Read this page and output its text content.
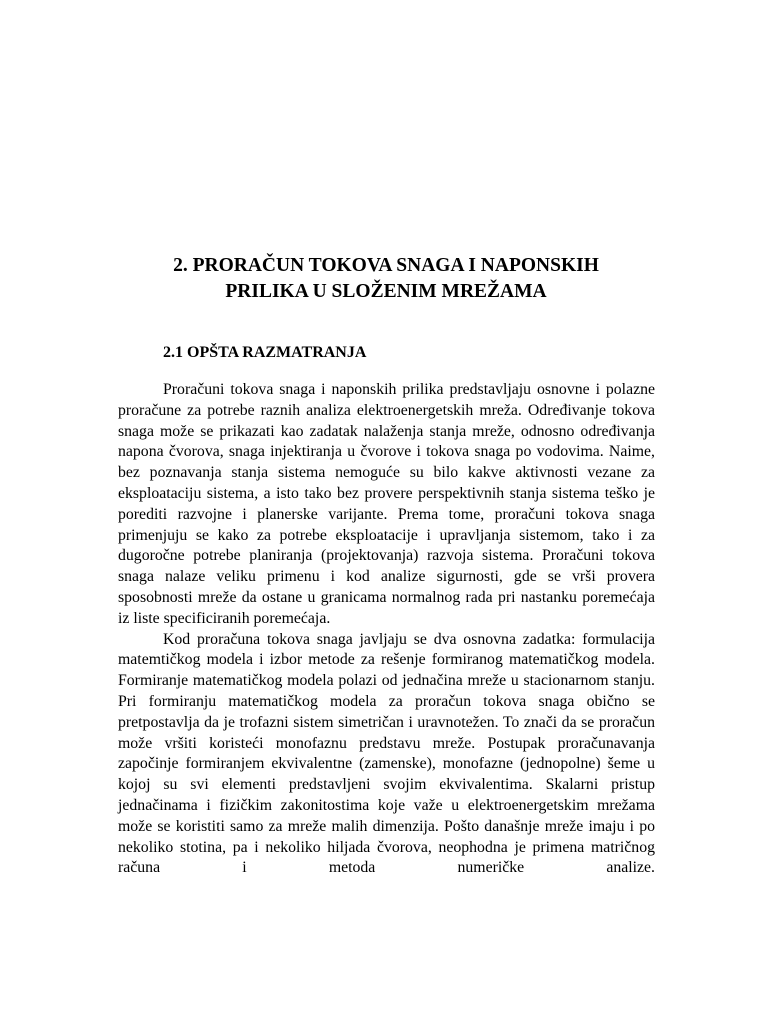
2. PRORAČUN TOKOVA SNAGA I NAPONSKIH
PRILIKA U SLOŽENIM MREŽAMA
2.1 OPŠTA RAZMATRANJA

Proračuni tokova snaga i naponskih prilika predstavljaju osnovne i polazne proračune za potrebe raznih analiza elektroenergetskih mreža. Određivanje tokova snaga može se prikazati kao zadatak nalaženja stanja mreže, odnosno određivanja napona čvorova, snaga injektiranja u čvorove i tokova snaga po vodovima. Naime, bez poznavanja stanja sistema nemoguće su bilo kakve aktivnosti vezane za eksploataciju sistema, a isto tako bez provere perspektivnih stanja sistema teško je porediti razvojne i planerske varijante. Prema tome, proračuni tokova snaga primenjuju se kako za potrebe eksploatacije i upravljanja sistemom, tako i za dugoročne potrebe planiranja (projektovanja) razvoja sistema. Proračuni tokova snaga nalaze veliku primenu i kod analize sigurnosti, gde se vrši provera sposobnosti mreže da ostane u granicama normalnog rada pri nastanku poremećaja iz liste specificiranih poremećaja.

Kod proračuna tokova snaga javljaju se dva osnovna zadatka: formulacija matemtičkog modela i izbor metode za rešenje formiranog matematičkog modela. Formiranje matematičkog modela polazi od jednačina mreže u stacionarnom stanju. Pri formiranju matematičkog modela za proračun tokova snaga obično se pretpostavlja da je trofazni sistem simetričan i uravnotežen. To znači da se proračun može vršiti koristeći monofaznu predstavu mreže. Postupak proračunavanja započinje formiranjem ekvivalentne (zamenske), monofazne (jednopolne) šeme u kojoj su svi elementi predstavljeni svojim ekvivalentima. Skalarni pristup jednačinama i fizičkim zakonitostima koje važe u elektroenergetskim mrežama može se koristiti samo za mreže malih dimenzija. Pošto današnje mreže imaju i po nekoliko stotina, pa i nekoliko hiljada čvorova, neophodna je primena matričnog računa i metoda numeričke analize.
